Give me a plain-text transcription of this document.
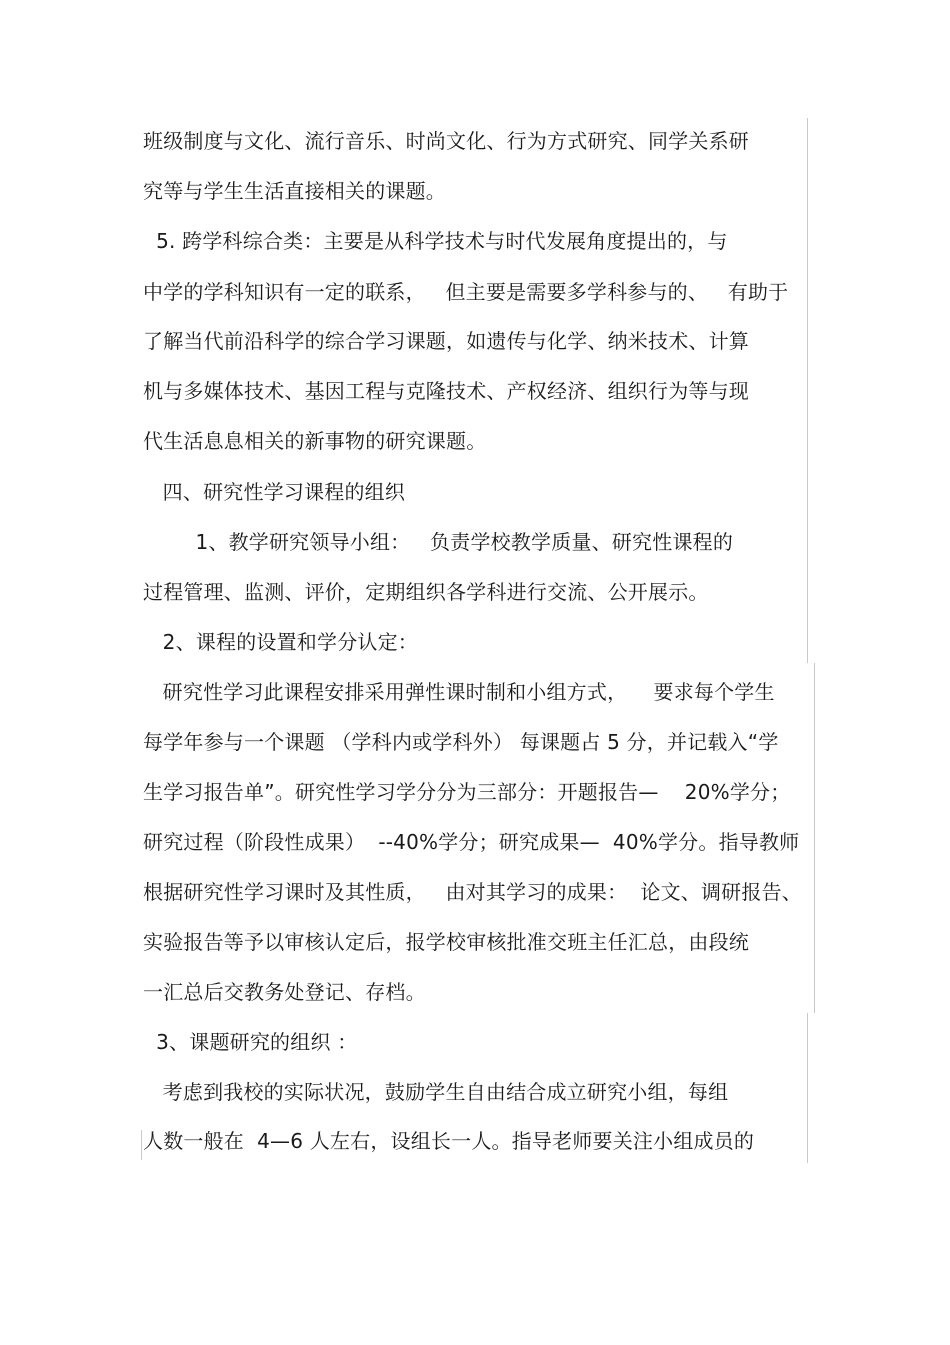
班级制度与文化、流行音乐、时尚文化、行为方式研究、同学关系研
究等与学生生活直接相关的课题。
5. 跨学科综合类：主要是从科学技术与时代发展角度提出的，与
中学的学科知识有一定的联系，   但主要是需要多学科参与的、   有助于
了解当代前沿科学的综合学习课题，如遗传与化学、纳米技术、计算
机与多媒体技术、基因工程与克隆技术、产权经济、组织行为等与现
代生活息息相关的新事物的研究课题。
四、研究性学习课程的组织
1、教学研究领导小组：   负责学校教学质量、研究性课程的
过程管理、监测、评价，定期组织各学科进行交流、公开展示。
2、课程的设置和学分认定：
研究性学习此课程安排采用弹性课时制和小组方式，    要求每个学生
每学年参与一个课题 （学科内或学科外） 每课题占 5 分，并记载入“学
生学习报告单”。研究性学习学分分为三部分：开题报告—    20%学分；
研究过程（阶段性成果）  --40%学分；研究成果—  40%学分。指导教师
根据研究性学习课时及其性质，   由对其学习的成果：  论文、调研报告、
实验报告等予以审核认定后，报学校审核批准交班主任汇总，由段统
一汇总后交教务处登记、存档。
3、课题研究的组织 ：
考虑到我校的实际状况，鼓励学生自由结合成立研究小组，每组
人数一般在  4—6 人左右，设组长一人。指导老师要关注小组成员的
